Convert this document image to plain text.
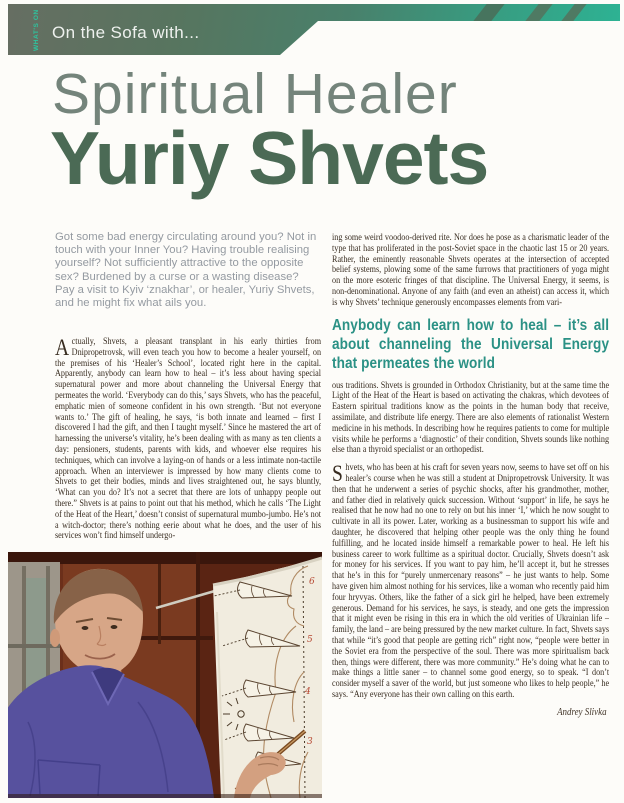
WHAT'S ON On the Sofa with...
Spiritual Healer
Yuriy Shvets
Got some bad energy circulating around you? Not in touch with your Inner You? Having trouble realising yourself? Not sufficiently attractive to the opposite sex? Burdened by a curse or a wasting disease? Pay a visit to Kyiv ‘znakhar’, or healer, Yuriy Shvets, and he might fix what ails you.

Actually, Shvets, a pleasant transplant in his early thirties from Dnipropetrovsk, will even teach you how to become a healer yourself, on the premises of his ‘Healer’s School’, located right here in the capital. Apparently, anybody can learn how to heal – it’s less about having special supernatural power and more about channeling the Universal Energy that permeates the world. ‘Everybody can do this,’ says Shvets, who has the peaceful, emphatic mien of someone confident in his own strength. ‘But not everyone wants to.’ The gift of healing, he says, ‘is both innate and learned – first I discovered I had the gift, and then I taught myself.’ Since he mastered the art of harnessing the universe’s vitality, he’s been dealing with as many as ten clients a day: pensioners, students, parents with kids, and whoever else requires his techniques, which can involve a laying-on of hands or a less intimate non-tactile approach. When an interviewer is impressed by how many clients come to Shvets to get their bodies, minds and lives straightened out, he says bluntly, ‘What can you do? It’s not a secret that there are lots of unhappy people out there.” Shvets is at pains to point out that his method, which he calls ‘The Light of the Heat of the Heart,’ doesn’t consist of supernatural mumbo-jumbo. He’s not a witch-doctor; there’s nothing eerie about what he does, and the user of his services won’t find himself undergo-

ing some weird voodoo-derived rite. Nor does he pose as a charismatic leader of the type that has proliferated in the post-Soviet space in the chaotic last 15 or 20 years. Rather, the eminently reasonable Shvets operates at the intersection of accepted belief systems, plowing some of the same furrows that practitioners of yoga might on the more esoteric fringes of that discipline. The Universal Energy, it seems, is non-denominational. Anyone of any faith (and even an atheist) can access it, which is why Shvets’ technique generously encompasses elements from vari-

Anybody can learn how to heal – it’s all about channeling the Universal Energy that permeates the world

ous traditions. Shvets is grounded in Orthodox Christianity, but at the same time the Light of the Heat of the Heart is based on activating the chakras, which devotees of Eastern spiritual traditions know as the points in the human body that receive, assimilate, and distribute life energy. There are also elements of rationalist Western medicine in his methods. In describing how he requires patients to come for multiple visits while he performs a ‘diagnostic’ of their condition, Shvets sounds like nothing else than a thyroid specialist or an orthopedist.

Shvets, who has been at his craft for seven years now, seems to have set off on his healer’s course when he was still a student at Dnipropetrovsk University. It was then that he underwent a series of psychic shocks, after his grandmother, mother, and father died in relatively quick succession. Without ‘support’ in life, he says he realised that he now had no one to rely on but his inner ‘I,’ which he now sought to cultivate in all its power. Later, working as a businessman to support his wife and daughter, he discovered that helping other people was the only thing he found fulfilling, and he located inside himself a remarkable power to heal. He left his business career to work fulltime as a spiritual doctor. Crucially, Shvets doesn’t ask for money for his services. If you want to pay him, he’ll accept it, but he stresses that he’s in this for “purely unmercenary reasons” – he just wants to help. Some have given him almost nothing for his services, like a woman who recently paid him four hryvyas. Others, like the father of a sick girl he helped, have been extremely generous. Demand for his services, he says, is steady, and one gets the impression that it might even be rising in this era in which the old verities of Ukrainian life – family, the land – are being pressured by the new market culture. In fact, Shvets says that while “it’s good that people are getting rich” right now, “people were better in the Soviet era from the perspective of the soul. There was more spiritualism back then, things were different, there was more community.” He’s doing what he can to make things a little saner – to channel some good energy, so to speak. “I don’t consider myself a saver of the world, but just someone who likes to help people,” he says. “Any everyone has their own calling on this earth.

Andrey Slivka
6
5
4
3
